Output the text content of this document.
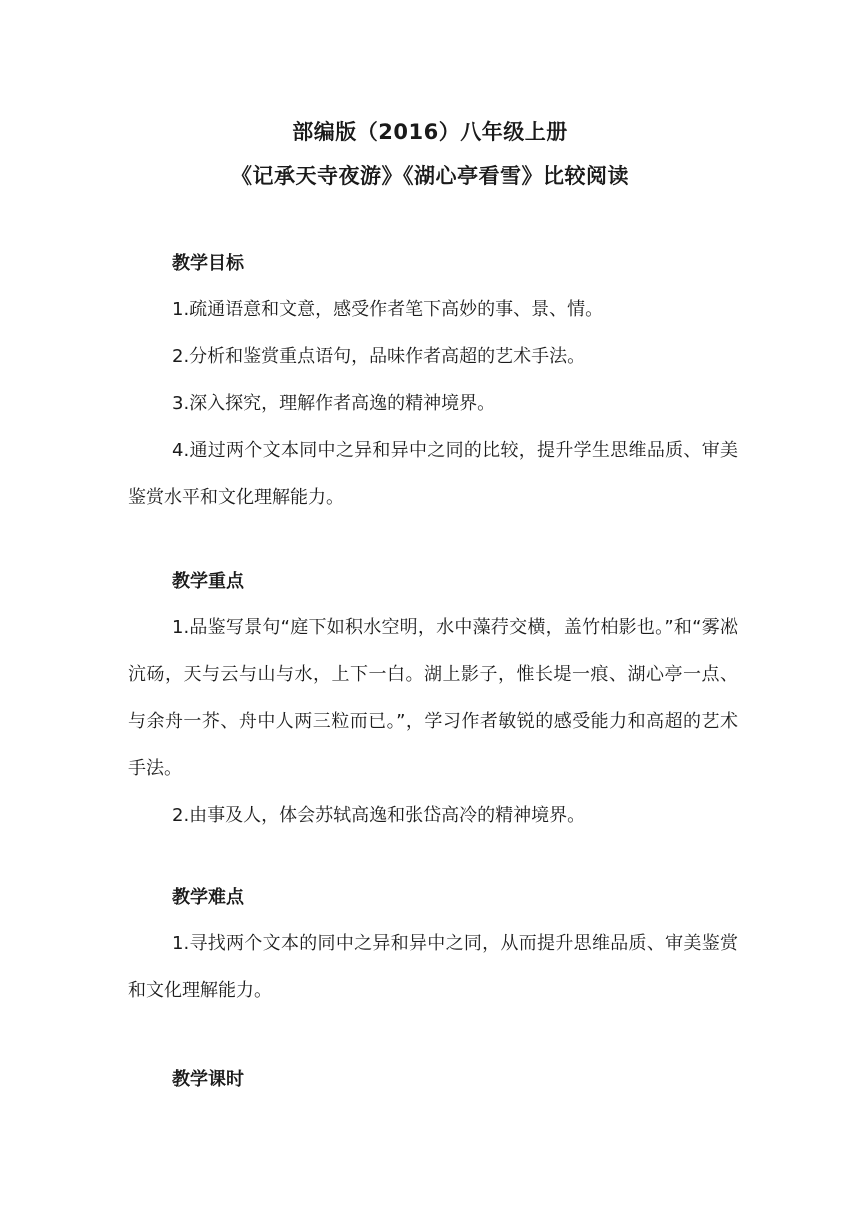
部编版（2016）八年级上册
《记承天寺夜游》《湖心亭看雪》比较阅读
教学目标

1.疏通语意和文意，感受作者笔下高妙的事、景、情。

2.分析和鉴赏重点语句，品味作者高超的艺术手法。

3.深入探究，理解作者高逸的精神境界。

4.通过两个文本同中之异和异中之同的比较，提升学生思维品质、审美鉴赏水平和文化理解能力。

教学重点

1.品鉴写景句“庭下如积水空明，水中藻荇交横，盖竹柏影也。”和“雾凇沆砀，天与云与山与水，上下一白。湖上影子，惟长堤一痕、湖心亭一点、与余舟一芥、舟中人两三粒而已。”，学习作者敏锐的感受能力和高超的艺术手法。

2.由事及人，体会苏轼高逸和张岱高冷的精神境界。

教学难点

1.寻找两个文本的同中之异和异中之同，从而提升思维品质、审美鉴赏和文化理解能力。

教学课时
